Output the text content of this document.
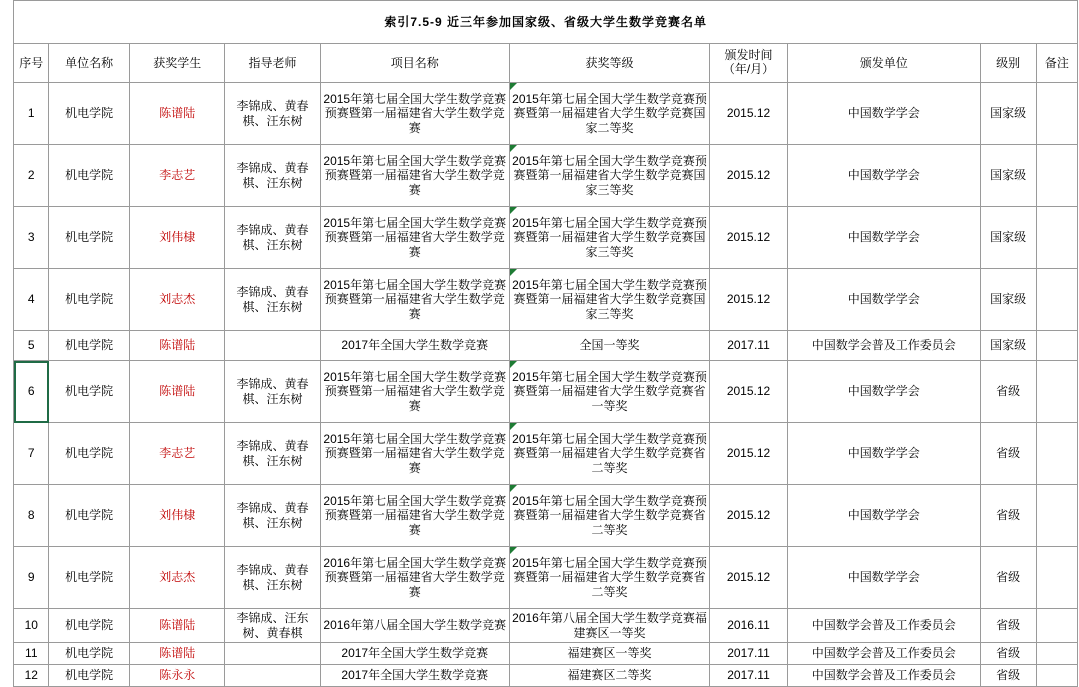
	索引7.5-9 近三年参加国家级、省级大学生数学竞赛名单									
	序号	单位名称	获奖学生	指导老师	项目名称	获奖等级	颁发时间
（年/月）	颁发单位	级别	备注
	1	机电学院	陈谱陆	李锦成、黄春棋、汪东树	2015年第七届全国大学生数学竞赛预赛暨第一届福建省大学生数学竞赛	2015年第七届全国大学生数学竞赛预赛暨第一届福建省大学生数学竞赛国家二等奖	2015.12	中国数学学会	国家级	
	2	机电学院	李志艺	李锦成、黄春棋、汪东树	2015年第七届全国大学生数学竞赛预赛暨第一届福建省大学生数学竞赛	2015年第七届全国大学生数学竞赛预赛暨第一届福建省大学生数学竞赛国家三等奖	2015.12	中国数学学会	国家级	
	3	机电学院	刘伟棣	李锦成、黄春棋、汪东树	2015年第七届全国大学生数学竞赛预赛暨第一届福建省大学生数学竞赛	2015年第七届全国大学生数学竞赛预赛暨第一届福建省大学生数学竞赛国家三等奖	2015.12	中国数学学会	国家级	
	4	机电学院	刘志杰	李锦成、黄春棋、汪东树	2015年第七届全国大学生数学竞赛预赛暨第一届福建省大学生数学竞赛	2015年第七届全国大学生数学竞赛预赛暨第一届福建省大学生数学竞赛国家三等奖	2015.12	中国数学学会	国家级	
	5	机电学院	陈谱陆		2017年全国大学生数学竞赛	全国一等奖	2017.11	中国数学会普及工作委员会	国家级	
	6	机电学院	陈谱陆	李锦成、黄春棋、汪东树	2015年第七届全国大学生数学竞赛预赛暨第一届福建省大学生数学竞赛	2015年第七届全国大学生数学竞赛预赛暨第一届福建省大学生数学竞赛省一等奖	2015.12	中国数学学会	省级	
	7	机电学院	李志艺	李锦成、黄春棋、汪东树	2015年第七届全国大学生数学竞赛预赛暨第一届福建省大学生数学竞赛	2015年第七届全国大学生数学竞赛预赛暨第一届福建省大学生数学竞赛省二等奖	2015.12	中国数学学会	省级	
	8	机电学院	刘伟棣	李锦成、黄春棋、汪东树	2015年第七届全国大学生数学竞赛预赛暨第一届福建省大学生数学竞赛	2015年第七届全国大学生数学竞赛预赛暨第一届福建省大学生数学竞赛省二等奖	2015.12	中国数学学会	省级	
	9	机电学院	刘志杰	李锦成、黄春棋、汪东树	2016年第七届全国大学生数学竞赛预赛暨第一届福建省大学生数学竞赛	2015年第七届全国大学生数学竞赛预赛暨第一届福建省大学生数学竞赛省二等奖	2015.12	中国数学学会	省级	
	10	机电学院	陈谱陆	李锦成、汪东树、黄春棋	2016年第八届全国大学生数学竞赛	2016年第八届全国大学生数学竞赛福建赛区一等奖	2016.11	中国数学会普及工作委员会	省级	
	11	机电学院	陈谱陆		2017年全国大学生数学竞赛	福建赛区一等奖	2017.11	中国数学会普及工作委员会	省级	
	12	机电学院	陈永永		2017年全国大学生数学竞赛	福建赛区二等奖	2017.11	中国数学会普及工作委员会	省级	
